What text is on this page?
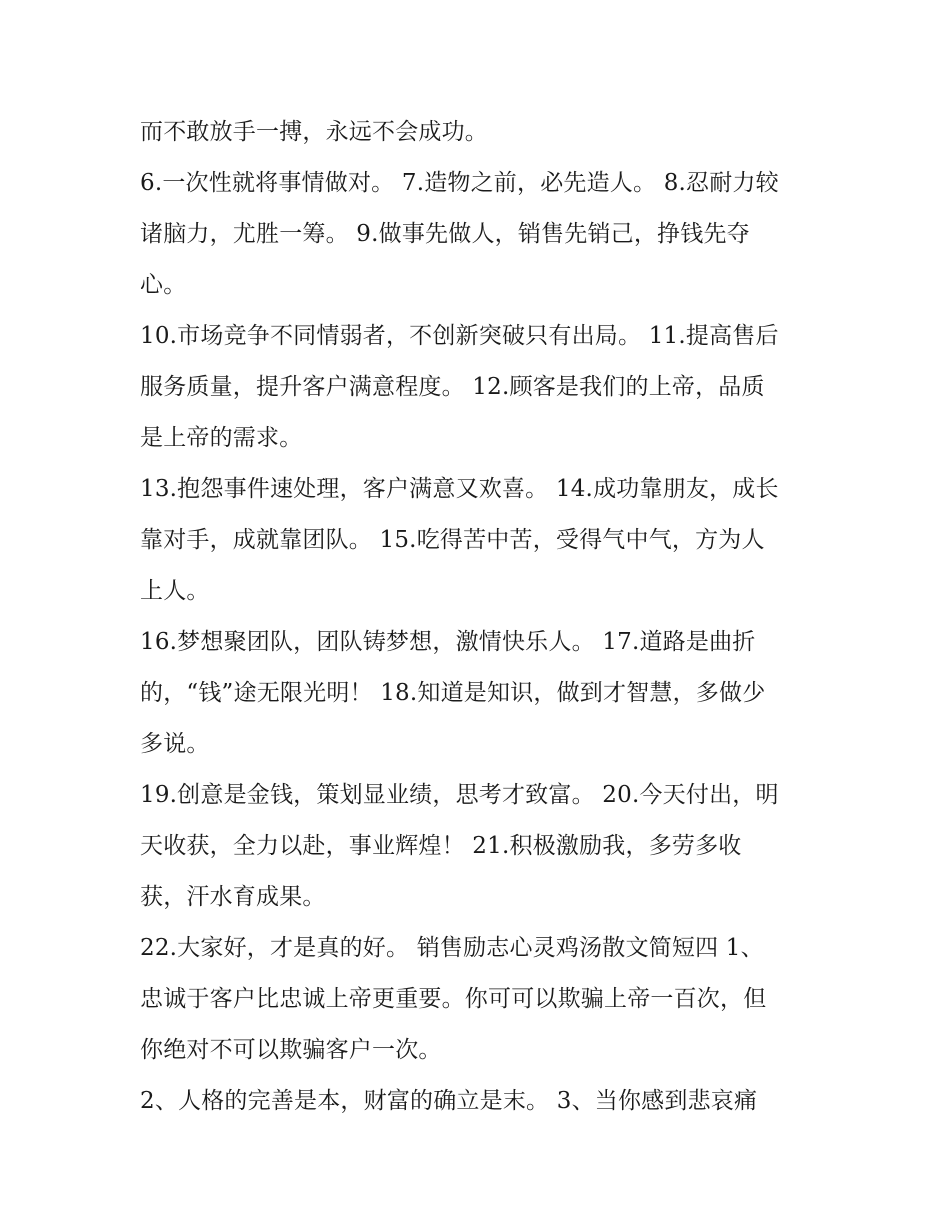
而不敢放手一搏，永远不会成功。
6.一次性就将事情做对。 7.造物之前，必先造人。 8.忍耐力较
诸脑力，尤胜一筹。 9.做事先做人，销售先销己，挣钱先夺
心。
10.市场竞争不同情弱者，不创新突破只有出局。 11.提高售后
服务质量，提升客户满意程度。 12.顾客是我们的上帝，品质
是上帝的需求。
13.抱怨事件速处理，客户满意又欢喜。 14.成功靠朋友，成长
靠对手，成就靠团队。 15.吃得苦中苦，受得气中气，方为人
上人。
16.梦想聚团队，团队铸梦想，激情快乐人。 17.道路是曲折
的，“钱”途无限光明！ 18.知道是知识，做到才智慧，多做少
多说。
19.创意是金钱，策划显业绩，思考才致富。 20.今天付出，明
天收获，全力以赴，事业辉煌！ 21.积极激励我，多劳多收
获，汗水育成果。
22.大家好，才是真的好。 销售励志心灵鸡汤散文简短四 1、
忠诚于客户比忠诚上帝更重要。你可可以欺骗上帝一百次，但
你绝对不可以欺骗客户一次。
2、人格的完善是本，财富的确立是末。 3、当你感到悲哀痛
